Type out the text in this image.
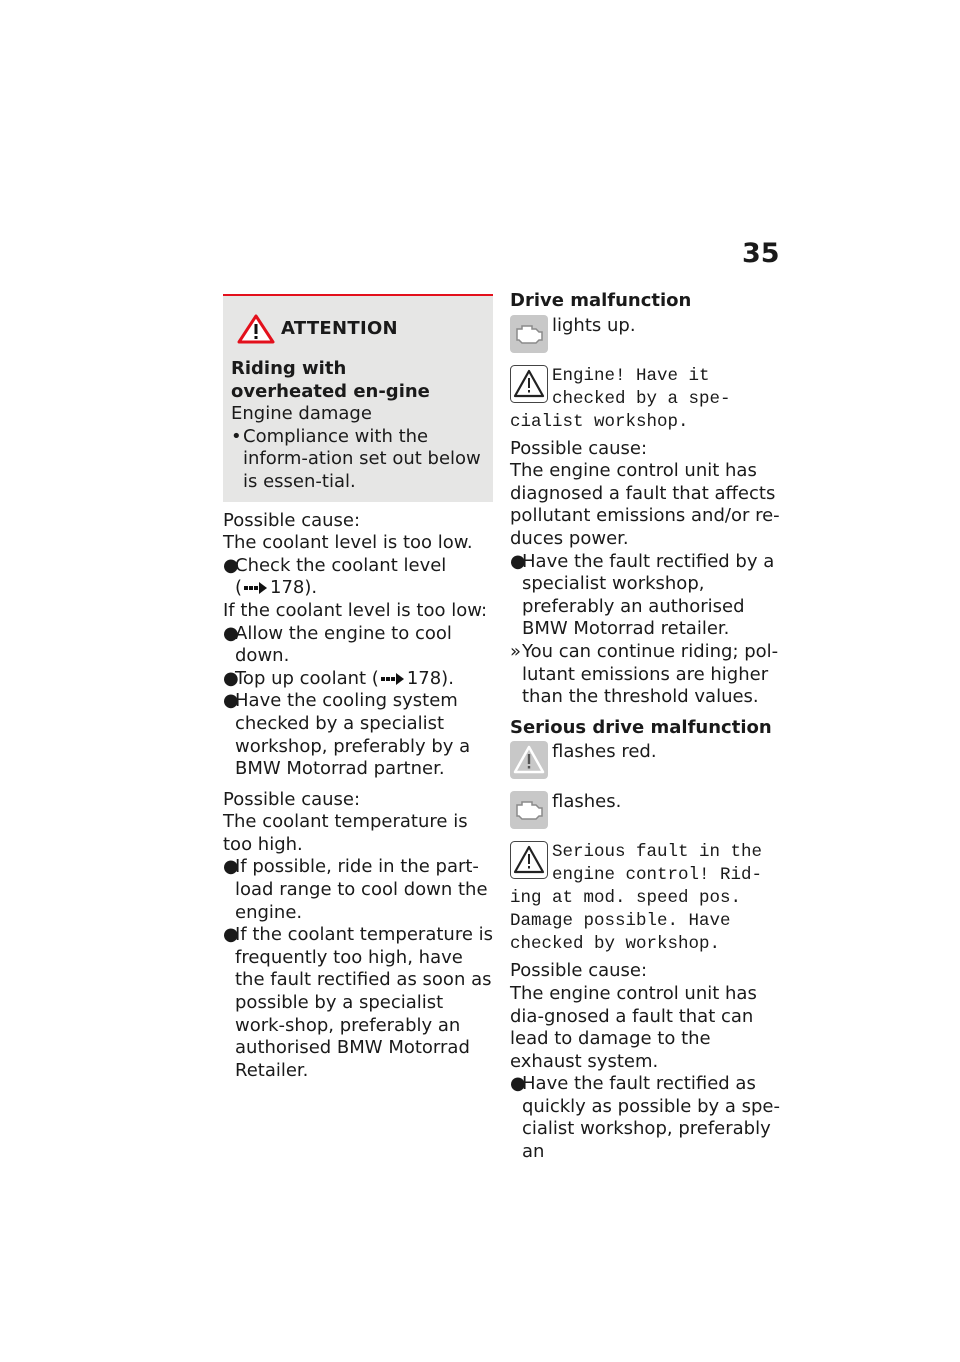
35
ATTENTION

Riding with overheated en-gine

Engine damage

• Compliance with the inform-ation set out below is essen-tial.

Possible cause:

The coolant level is too low.

●
Check the coolant level
( 178).

If the coolant level is too low:

●
Allow the engine to cool down.
●
Top up coolant ( 178).
●
Have the cooling system checked by a specialist workshop, preferably by a BMW Motorrad partner.

Possible cause:

The coolant temperature is too high.

●
If possible, ride in the part-load range to cool down the engine.
●
If the coolant temperature is frequently too high, have the fault rectified as soon as possible by a specialist work-shop, preferably an authorised BMW Motorrad Retailer.

Drive malfunction

lights up.
Engine! Have it
checked by a spe-
cialist workshop.

Possible cause:

The engine control unit has diagnosed a fault that affects pollutant emissions and/or re-duces power.

●
Have the fault rectified by a specialist workshop, preferably an authorised BMW Motorrad retailer.
» You can continue riding; pol-lutant emissions are higher than the threshold values.

Serious drive malfunction

flashes red.
flashes.
Serious fault in the
engine control! Rid-
ing at mod. speed pos.
Damage possible. Have
checked by workshop.

Possible cause:

The engine control unit has dia-gnosed a fault that can lead to damage to the exhaust system.

●
Have the fault rectified as quickly as possible by a spe-cialist workshop, preferably an
